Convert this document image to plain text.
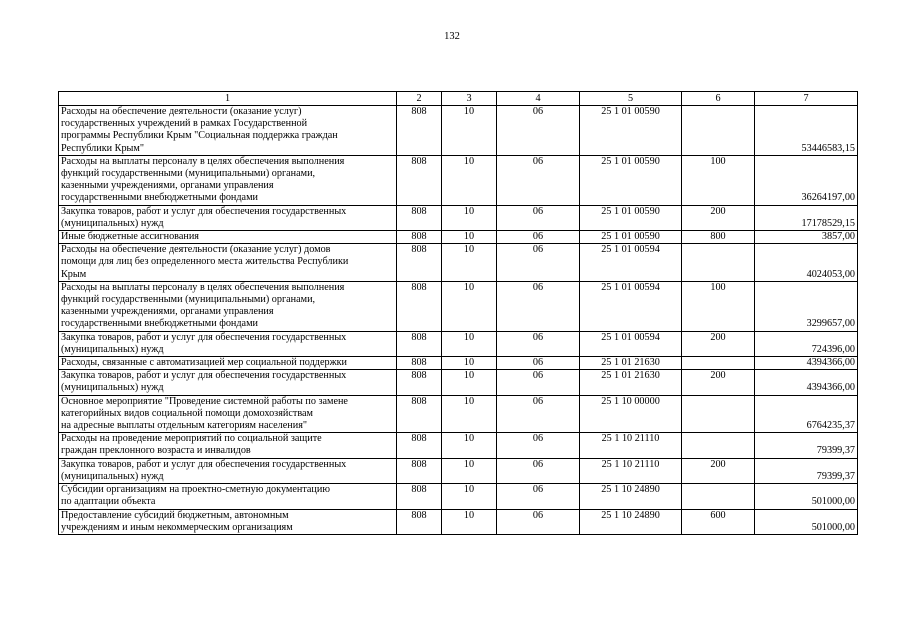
132
1	2	3	4	5	6	7

Расходы на обеспечение деятельности (оказание услуг)
государственных учреждений в рамках Государственной
программы Республики Крым "Социальная поддержка граждан
Республики Крым"	808	10	06	25 1 01 00590		53446583,15

Расходы на выплаты персоналу в целях обеспечения выполнения
функций государственными (муниципальными) органами,
казенными учреждениями, органами управления
государственными внебюджетными фондами	808	10	06	25 1 01 00590	100	36264197,00

Закупка товаров, работ и услуг для обеспечения государственных
(муниципальных) нужд	808	10	06	25 1 01 00590	200	17178529,15

Иные бюджетные ассигнования	808	10	06	25 1 01 00590	800	3857,00

Расходы на обеспечение деятельности (оказание услуг) домов
помощи для лиц без определенного места жительства Республики
Крым	808	10	06	25 1 01 00594		4024053,00

Расходы на выплаты персоналу в целях обеспечения выполнения
функций государственными (муниципальными) органами,
казенными учреждениями, органами управления
государственными внебюджетными фондами	808	10	06	25 1 01 00594	100	3299657,00

Закупка товаров, работ и услуг для обеспечения государственных
(муниципальных) нужд	808	10	06	25 1 01 00594	200	724396,00

Расходы, связанные с автоматизацией мер социальной поддержки	808	10	06	25 1 01 21630		4394366,00

Закупка товаров, работ и услуг для обеспечения государственных
(муниципальных) нужд	808	10	06	25 1 01 21630	200	4394366,00

Основное мероприятие "Проведение системной работы по замене
категорийных видов социальной помощи домохозяйствам
на адресные выплаты отдельным категориям населения"	808	10	06	25 1 10 00000		6764235,37

Расходы на проведение мероприятий по социальной защите
граждан преклонного возраста и инвалидов	808	10	06	25 1 10 21110		79399,37

Закупка товаров, работ и услуг для обеспечения государственных
(муниципальных) нужд	808	10	06	25 1 10 21110	200	79399,37

Субсидии организациям на проектно-сметную документацию
по адаптации объекта	808	10	06	25 1 10 24890		501000,00

Предоставление субсидий бюджетным, автономным
учреждениям и иным некоммерческим организациям	808	10	06	25 1 10 24890	600	501000,00
